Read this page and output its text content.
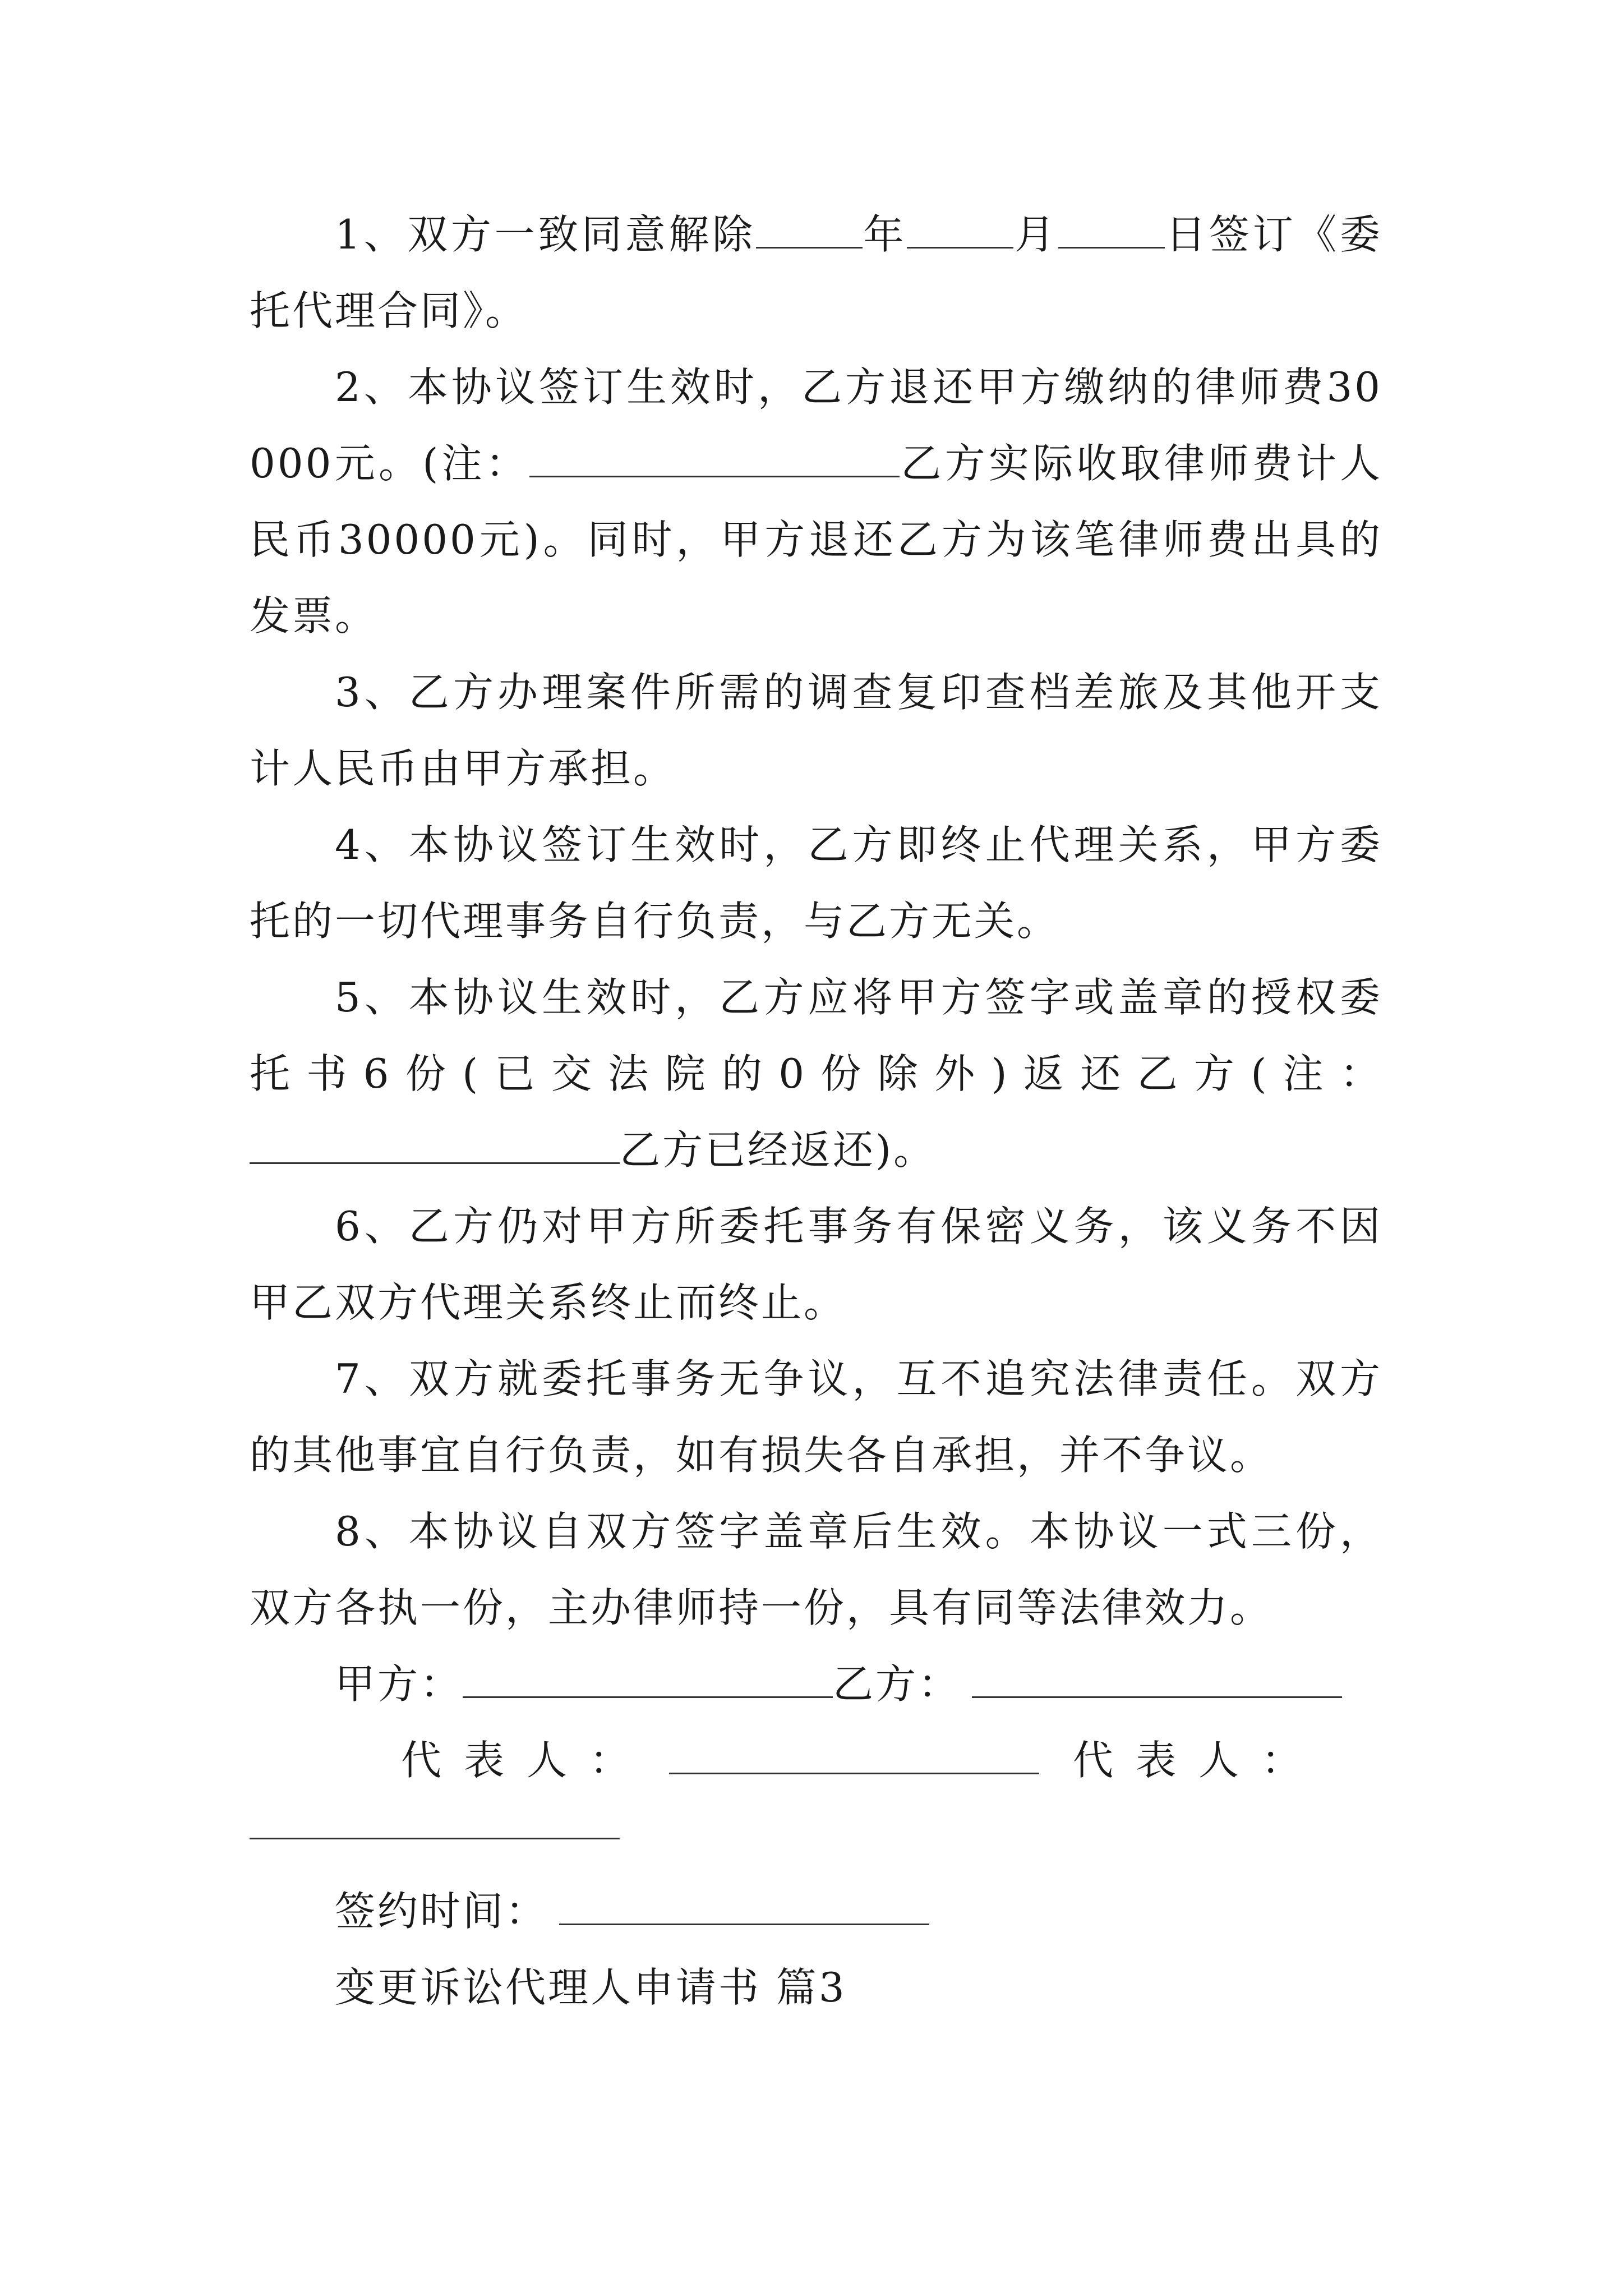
1、双方一致同意解除	年	月	日签订《委托代理合同》。

2、本协议签订生效时，乙方退还甲方缴纳的律师费30000元。(注：	乙方实际收取律师费计人民币30000元)。同时，甲方退还乙方为该笔律师费出具的发票。

3、乙方办理案件所需的调查复印查档差旅及其他开支计人民币由甲方承担。

4、本协议签订生效时，乙方即终止代理关系，甲方委托的一切代理事务自行负责，与乙方无关。

5、本协议生效时，乙方应将甲方签字或盖章的授权委托书6份(已交法院的0份除外)返还乙方(注：乙方已经返还)。

6、乙方仍对甲方所委托事务有保密义务，该义务不因甲乙双方代理关系终止而终止。

7、双方就委托事务无争议，互不追究法律责任。双方的其他事宜自行负责，如有损失各自承担，并不争议。

8、本协议自双方签字盖章后生效。本协议一式三份，双方各执一份，主办律师持一份，具有同等法律效力。

甲方：	乙方：

代表人：	代表人：

签约时间：

变更诉讼代理人申请书 篇3
